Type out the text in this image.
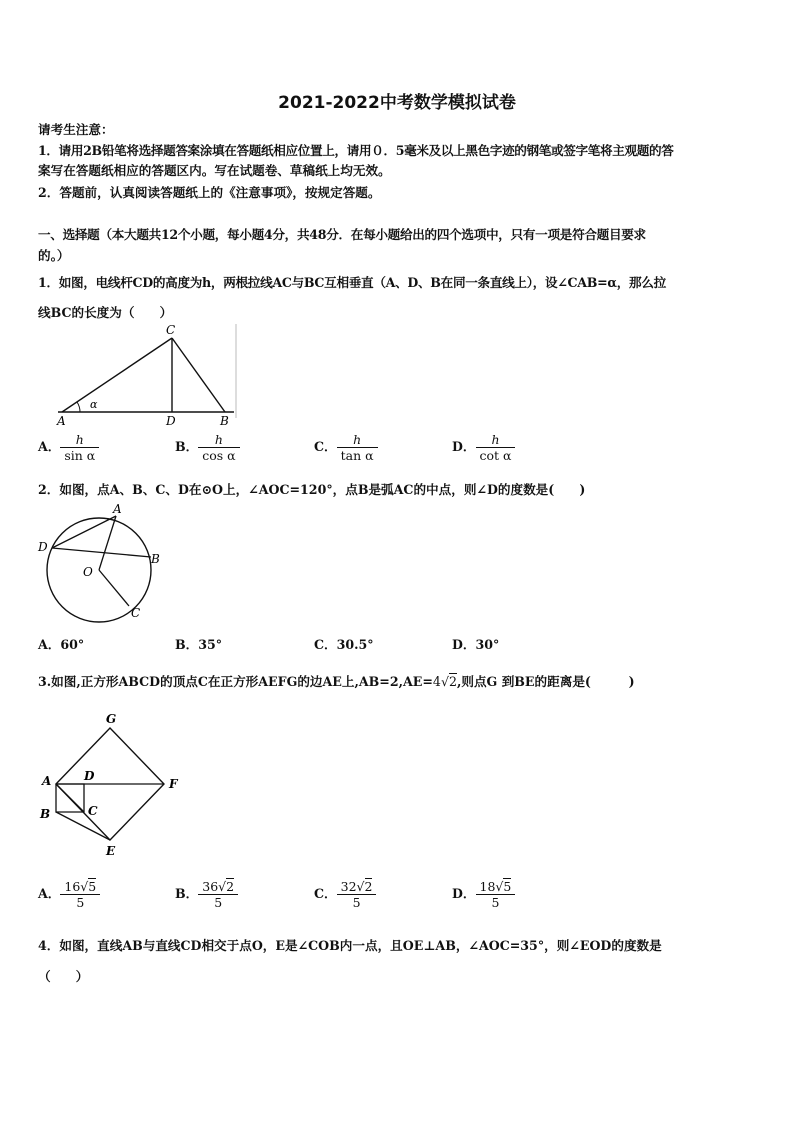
2021-2022中考数学模拟试卷
请考生注意：
1．请用2B铅笔将选择题答案涂填在答题纸相应位置上，请用０．5毫米及以上黑色字迹的钢笔或签字笔将主观题的答
案写在答题纸相应的答题区内。写在试题卷、草稿纸上均无效。
2．答题前，认真阅读答题纸上的《注意事项》，按规定答题。
一、选择题（本大题共12个小题，每小题4分，共48分．在每小题给出的四个选项中，只有一项是符合题目要求
的。）
1．如图，电线杆CD的高度为h，两根拉线AC与BC互相垂直（A、D、B在同一条直线上），设∠CAB=α，那么拉
线BC的长度为（　　）
α
C
A	D	B
A． $\frac{h}{\text{sin α}}$	B． $\frac{h}{\text{cos α}}$	C． $\frac{h}{\text{tan α}}$	D． $\frac{h}{\text{cot α}}$
2．如图，点A、B、C、D在⊙O上，∠AOC=120°，点B是弧AC的中点，则∠D的度数是(　　)
A
D
B
O
C
A．60°	B．35°	C．30.5°	D．30°
3.如图,正方形ABCD的顶点C在正方形AEFG的边AE上,AB=2,AE=4√2,则点G 到BE的距离是(　　　)
G
A	D
F
B	C
E
A． $\frac{16√5}{5}$	B． $\frac{36√2}{5}$	C． $\frac{32√2}{5}$	D． $\frac{18√5}{5}$
4．如图，直线AB与直线CD相交于点O，E是∠COB内一点，且OE⊥AB，∠AOC=35°，则∠EOD的度数是
（　　）
